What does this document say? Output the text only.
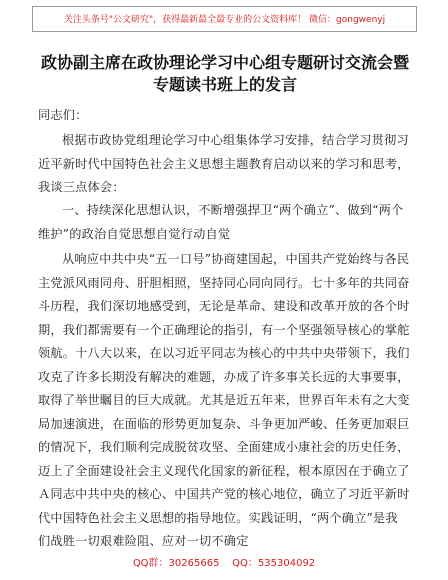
关注头条号"公文研究"，获得最新最全最专业的公文资料库！ 微信：gongwenyj
政协副主席在政协理论学习中心组专题研讨交流会暨专题读书班上的发言
同志们：
根据市政协党组理论学习中心组集体学习安排，结合学习贯彻习近平新时代中国特色社会主义思想主题教育启动以来的学习和思考，我谈三点体会：
一、持续深化思想认识，不断增强捍卫“两个确立”、做到“两个维护”的政治自觉思想自觉行动自觉
从响应中共中央“五一口号”协商建国起，中国共产党始终与各民主党派风雨同舟、肝胆相照，坚持同心同向同行。七十多年的共同奋斗历程，我们深切地感受到，无论是革命、建设和改革开放的各个时期，我们都需要有一个正确理论的指引，有一个坚强领导核心的掌舵领航。十八大以来，在以习近平同志为核心的中共中央带领下，我们攻克了许多长期没有解决的难题，办成了许多事关长远的大事要事，取得了举世瞩目的巨大成就。尤其是近五年来，世界百年未有之大变局加速演进，在面临的形势更加复杂、斗争更加严峻、任务更加艰巨的情况下，我们顺利完成脱贫攻坚、全面建成小康社会的历史任务，迈上了全面建设社会主义现代化国家的新征程，根本原因在于确立了Ａ同志中共中央的核心、中国共产党的核心地位，确立了习近平新时代中国特色社会主义思想的指导地位。实践证明，“两个确立”是我们战胜一切艰难险阻、应对一切不确定
QQ群：30265665    QQ：535304092
